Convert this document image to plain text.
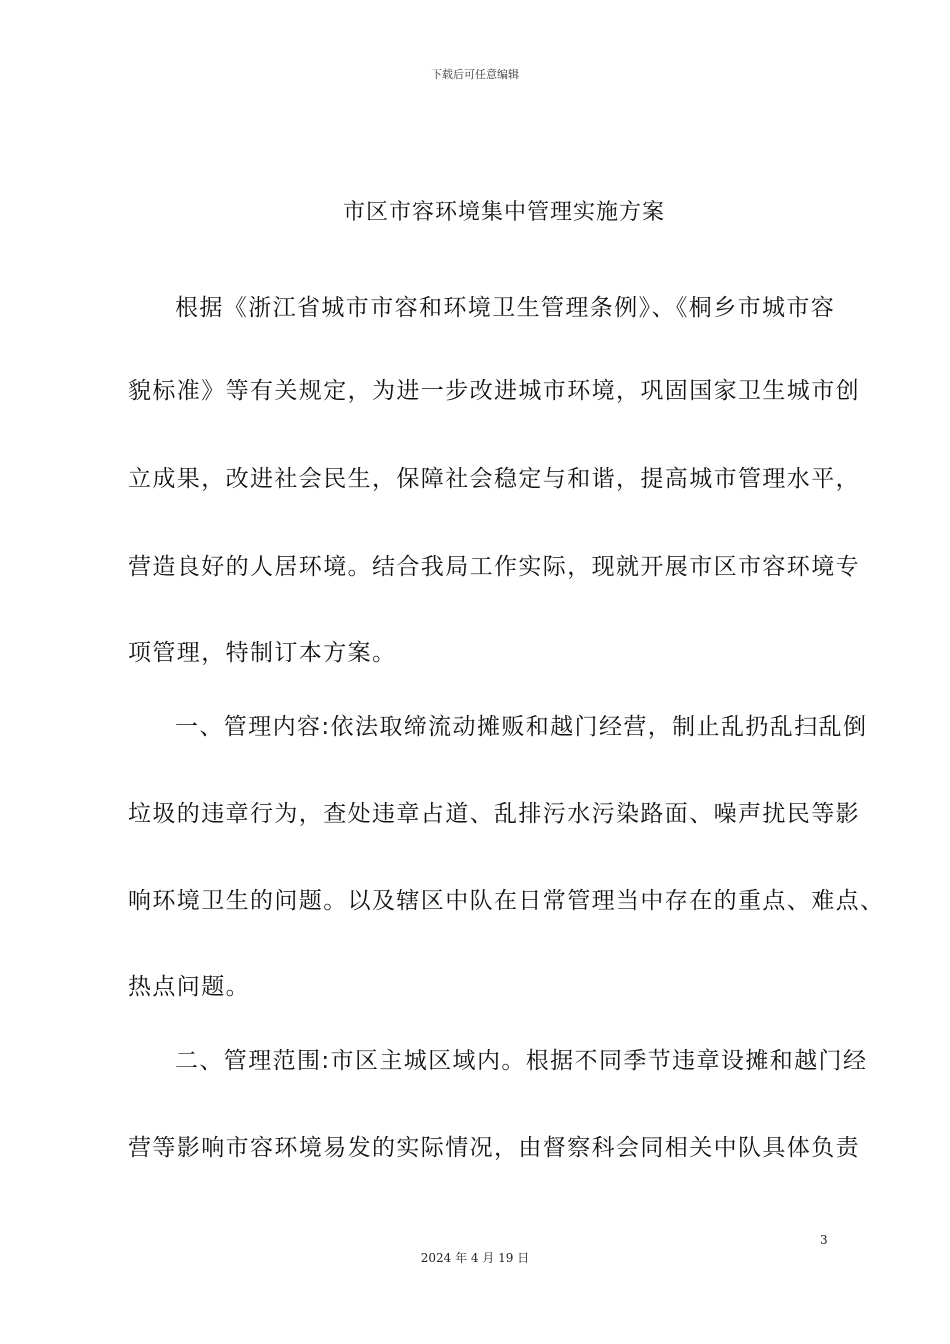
下载后可任意编辑
市区市容环境集中管理实施方案
根据《浙江省城市市容和环境卫生管理条例》、《桐乡市城市容
貌标准》等有关规定，为进一步改进城市环境，巩固国家卫生城市创
立成果，改进社会民生，保障社会稳定与和谐，提高城市管理水平，
营造良好的人居环境。结合我局工作实际，现就开展市区市容环境专
项管理，特制订本方案。
一、管理内容:依法取缔流动摊贩和越门经营，制止乱扔乱扫乱倒
垃圾的违章行为，查处违章占道、乱排污水污染路面、噪声扰民等影
响环境卫生的问题。以及辖区中队在日常管理当中存在的重点、难点、
热点问题。
二、管理范围:市区主城区域内。根据不同季节违章设摊和越门经
营等影响市容环境易发的实际情况，由督察科会同相关中队具体负责
3
2024 年 4 月 19 日
